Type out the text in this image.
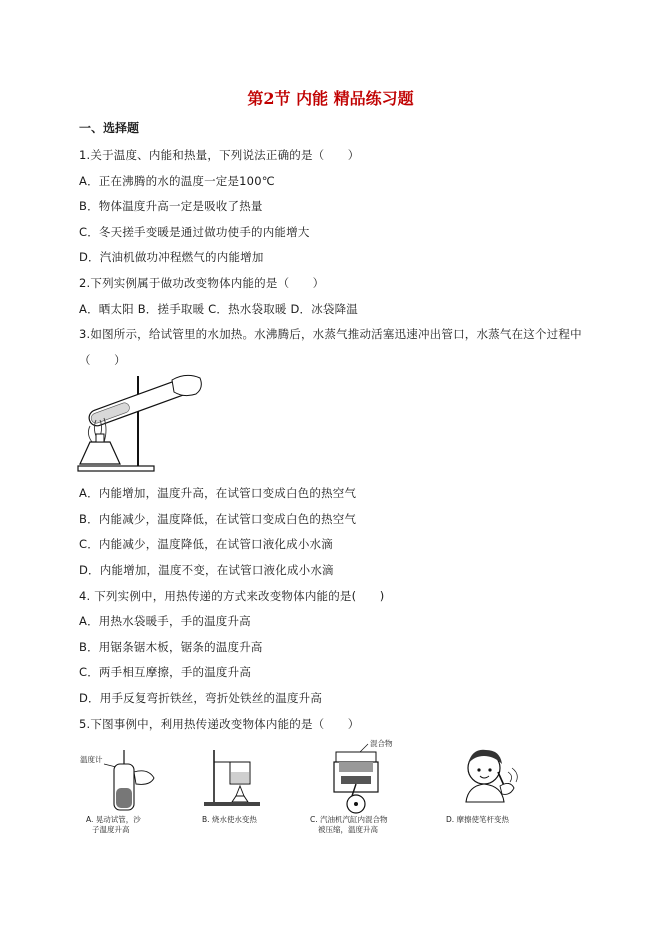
第2节 内能 精品练习题
一、选择题
1.关于温度、内能和热量，下列说法正确的是（　　）
A．正在沸腾的水的温度一定是100℃
B．物体温度升高一定是吸收了热量
C．冬天搓手变暖是通过做功使手的内能增大
D．汽油机做功冲程燃气的内能增加
2.下列实例属于做功改变物体内能的是（　　）
A．晒太阳 B．搓手取暖 C．热水袋取暖 D．冰袋降温
3.如图所示，给试管里的水加热。水沸腾后，水蒸气推动活塞迅速冲出管口，水蒸气在这个过程中
（　　）
A．内能增加，温度升高，在试管口变成白色的热空气
B．内能减少，温度降低，在试管口变成白色的热空气
C．内能减少，温度降低，在试管口液化成小水滴
D．内能增加，温度不变，在试管口液化成小水滴
4. 下列实例中，用热传递的方式来改变物体内能的是(　　)
A．用热水袋暖手，手的温度升高
B．用锯条锯木板，锯条的温度升高
C．两手相互摩擦，手的温度升高
D．用手反复弯折铁丝，弯折处铁丝的温度升高
5.下图事例中，利用热传递改变物体内能的是（　　）
温度计
A. 晃动试管，沙
子温度升高
B. 烧水使水变热
混合物
C. 汽油机汽缸内混合物
被压缩，温度升高
D. 摩擦使笔杆变热
